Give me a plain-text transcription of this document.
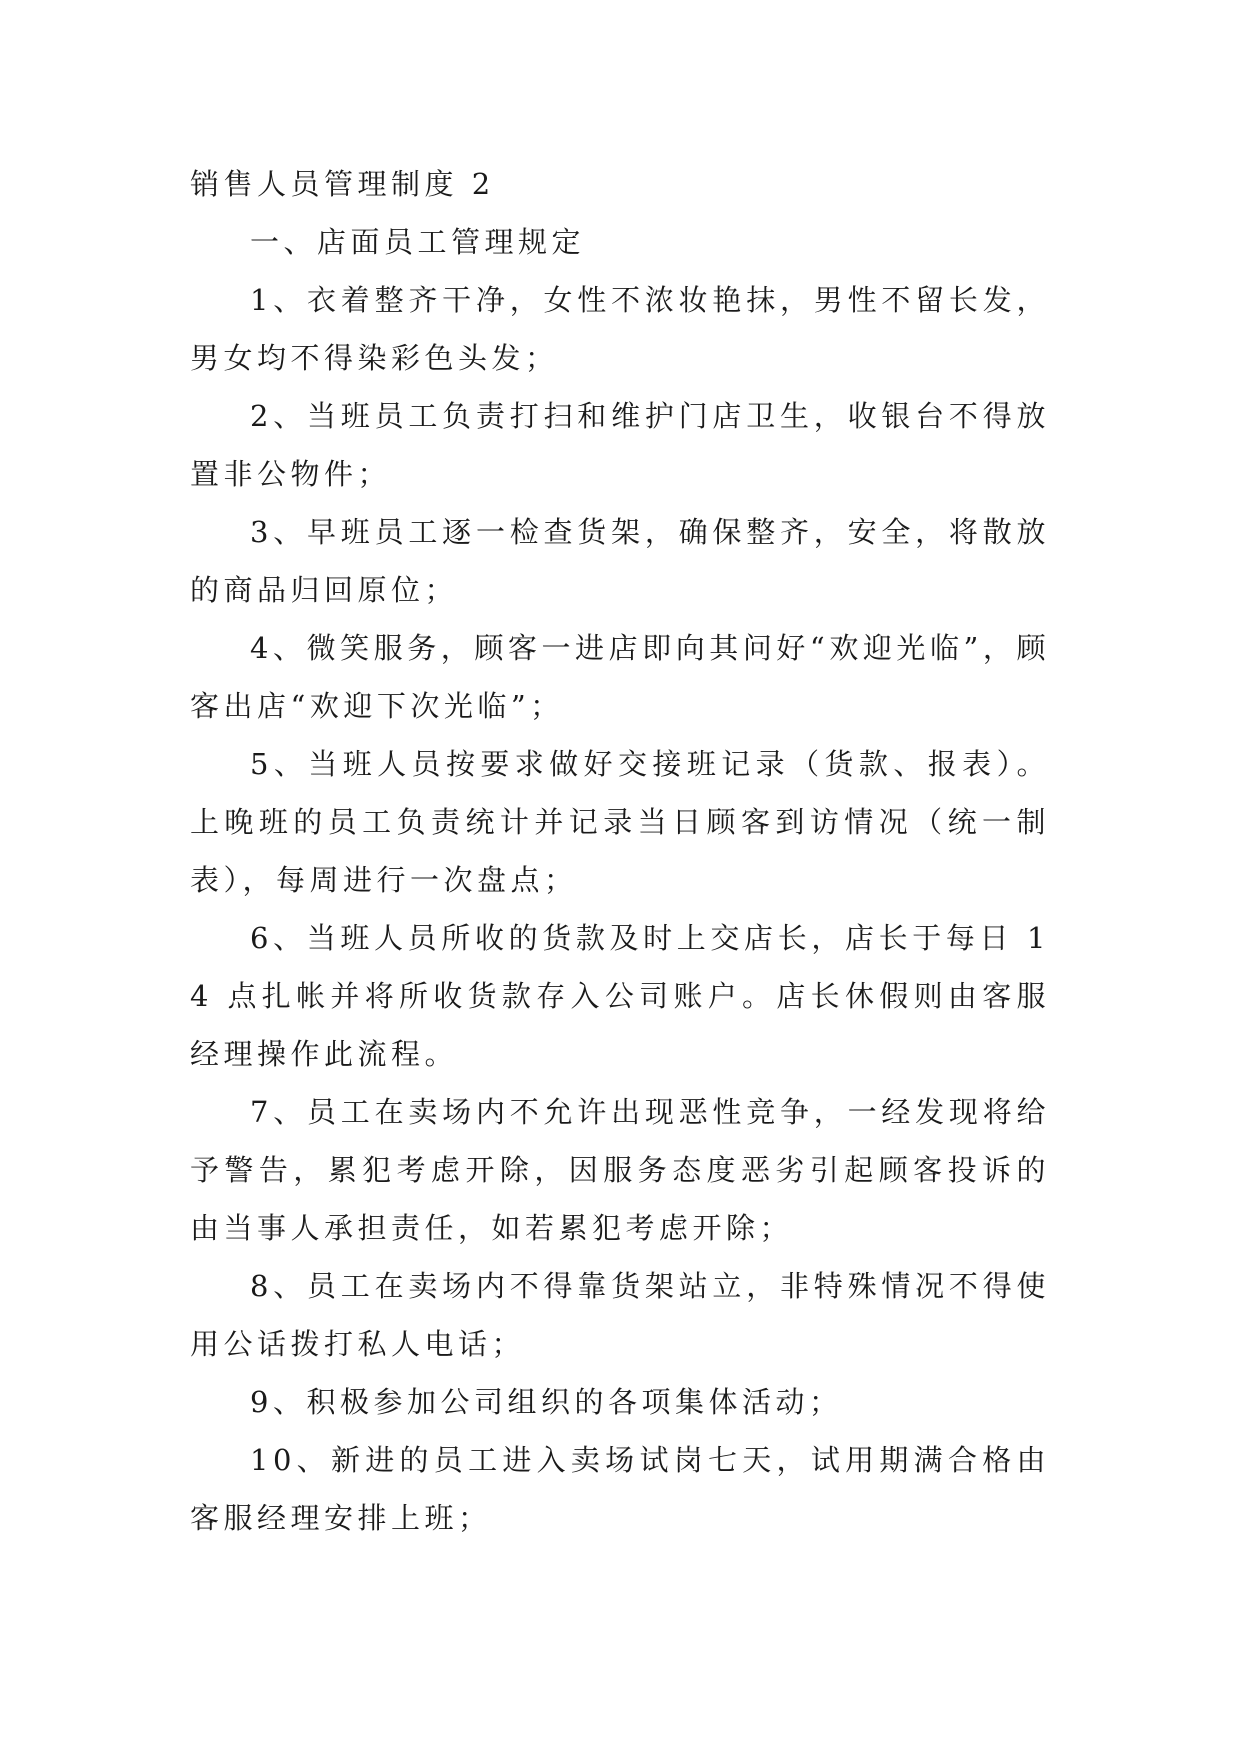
销售人员管理制度 2

一、店面员工管理规定

1、衣着整齐干净，女性不浓妆艳抹，男性不留长发，男女均不得染彩色头发；

2、当班员工负责打扫和维护门店卫生，收银台不得放置非公物件；

3、早班员工逐一检查货架，确保整齐，安全，将散放的商品归回原位；

4、微笑服务，顾客一进店即向其问好“欢迎光临”，顾客出店“欢迎下次光临”；

5、当班人员按要求做好交接班记录（货款、报表）。上晚班的员工负责统计并记录当日顾客到访情况（统一制表），每周进行一次盘点；

6、当班人员所收的货款及时上交店长，店长于每日 14 点扎帐并将所收货款存入公司账户。店长休假则由客服经理操作此流程。

7、员工在卖场内不允许出现恶性竞争，一经发现将给予警告，累犯考虑开除，因服务态度恶劣引起顾客投诉的由当事人承担责任，如若累犯考虑开除；

8、员工在卖场内不得靠货架站立，非特殊情况不得使用公话拨打私人电话；

9、积极参加公司组织的各项集体活动；

10、新进的员工进入卖场试岗七天，试用期满合格由客服经理安排上班；
